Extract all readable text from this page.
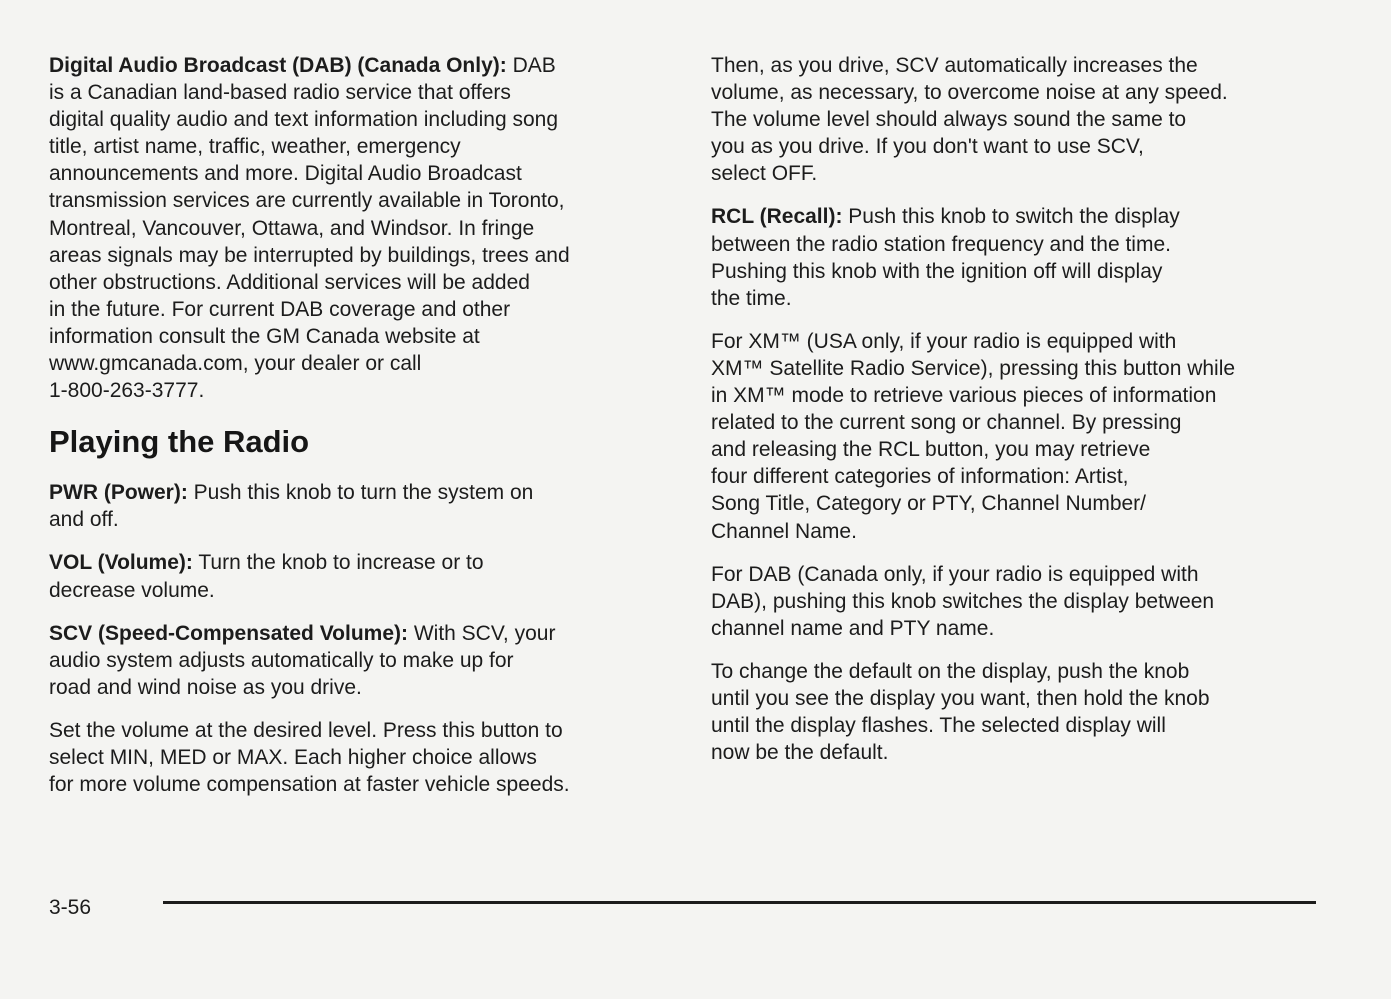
Digital Audio Broadcast (DAB) (Canada Only): DAB
is a Canadian land-based radio service that offers
digital quality audio and text information including song
title, artist name, traffic, weather, emergency
announcements and more. Digital Audio Broadcast
transmission services are currently available in Toronto,
Montreal, Vancouver, Ottawa, and Windsor. In fringe
areas signals may be interrupted by buildings, trees and
other obstructions. Additional services will be added
in the future. For current DAB coverage and other
information consult the GM Canada website at
www.gmcanada.com, your dealer or call
1-800-263-3777.

Playing the Radio

PWR (Power): Push this knob to turn the system on
and off.

VOL (Volume): Turn the knob to increase or to
decrease volume.

SCV (Speed-Compensated Volume): With SCV, your
audio system adjusts automatically to make up for
road and wind noise as you drive.

Set the volume at the desired level. Press this button to
select MIN, MED or MAX. Each higher choice allows
for more volume compensation at faster vehicle speeds.

Then, as you drive, SCV automatically increases the
volume, as necessary, to overcome noise at any speed.
The volume level should always sound the same to
you as you drive. If you don't want to use SCV,
select OFF.

RCL (Recall): Push this knob to switch the display
between the radio station frequency and the time.
Pushing this knob with the ignition off will display
the time.

For XM™ (USA only, if your radio is equipped with
XM™ Satellite Radio Service), pressing this button while
in XM™ mode to retrieve various pieces of information
related to the current song or channel. By pressing
and releasing the RCL button, you may retrieve
four different categories of information: Artist,
Song Title, Category or PTY, Channel Number/
Channel Name.

For DAB (Canada only, if your radio is equipped with
DAB), pushing this knob switches the display between
channel name and PTY name.

To change the default on the display, push the knob
until you see the display you want, then hold the knob
until the display flashes. The selected display will
now be the default.

3-56
